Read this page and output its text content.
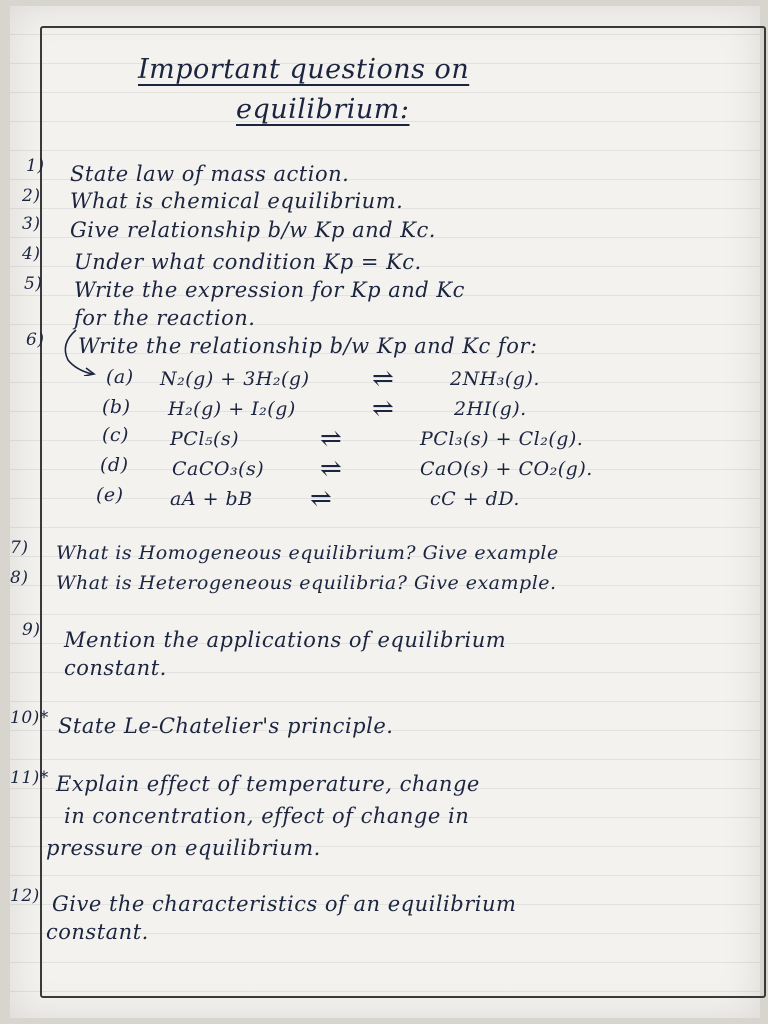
Important questions on
equilibrium:
1) State law of mass action.
2) What is chemical equilibrium.
3) Give relationship b/w Kp and Kc.
4) Under what condition Kp = Kc.
5) Write the expression for Kp and Kc
for the reaction.
6) Write the relationship b/w Kp and Kc for:
(a) N₂(g) + 3H₂(g) ⇌	2NH₃(g).
(b) H₂(g) + I₂(g)	⇌	2HI(g).
(c) PCl₅(s)	⇌	PCl₃(s) + Cl₂(g).
(d) CaCO₃(s) ⇌	CaO(s) + CO₂(g).
(e) aA + bB ⇌	cC + dD.
7) What is Homogeneous equilibrium? Give example
8) What is Heterogeneous equilibria? Give example.
9) Mention the applications of equilibrium
constant.
10)* State Le-Chatelier's principle.
11)* Explain effect of temperature, change
in concentration, effect of change in
pressure on equilibrium.
12) Give the characteristics of an equilibrium
constant.
